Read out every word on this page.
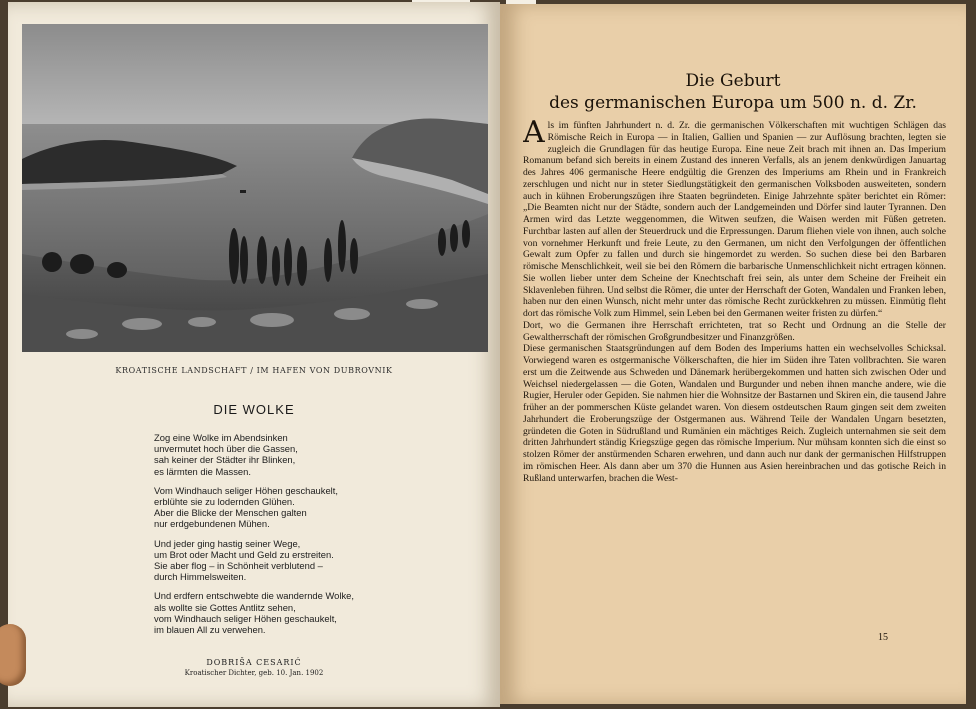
KROATISCHE LANDSCHAFT / IM HAFEN VON DUBROVNIK
DIE WOLKE
Zog eine Wolke im Abendsinken
unvermutet hoch über die Gassen,
sah keiner der Städter ihr Blinken,
es lärmten die Massen.
Vom Windhauch seliger Höhen geschaukelt,
erblühte sie zu lodernden Glühen.
Aber die Blicke der Menschen galten
nur erdgebundenen Mühen.
Und jeder ging hastig seiner Wege,
um Brot oder Macht und Geld zu erstreiten.
Sie aber flog – in Schönheit verblutend –
durch Himmelsweiten.
Und erdfern entschwebte die wandernde Wolke,
als wollte sie Gottes Antlitz sehen,
vom Windhauch seliger Höhen geschaukelt,
im blauen All zu verwehen.
DOBRIŠA CESARIĆ
Kroatischer Dichter, geb. 10. Jan. 1902
Die Geburt
des germanischen Europa um 500 n. d. Zr.

Als im fünften Jahrhundert n. d. Zr. die germanischen Völkerschaften mit wuchtigen Schlägen das Römische Reich in Europa — in Italien, Gallien und Spanien — zur Auflösung brachten, legten sie zugleich die Grundlagen für das heutige Europa. Eine neue Zeit brach mit ihnen an. Das Imperium Romanum befand sich bereits in einem Zustand des inneren Verfalls, als an jenem denkwürdigen Januartag des Jahres 406 germanische Heere endgültig die Grenzen des Imperiums am Rhein und in Frankreich zerschlugen und nicht nur in steter Siedlungstätigkeit den germanischen Volksboden ausweiteten, sondern auch in kühnen Eroberungszügen ihre Staaten begründeten. Einige Jahrzehnte später berichtet ein Römer: „Die Beamten nicht nur der Städte, sondern auch der Landgemeinden und Dörfer sind lauter Tyrannen. Den Armen wird das Letzte weggenommen, die Witwen seufzen, die Waisen werden mit Füßen getreten. Furchtbar lasten auf allen der Steuerdruck und die Erpressungen. Darum fliehen viele von ihnen, auch solche von vornehmer Herkunft und freie Leute, zu den Germanen, um nicht den Verfolgungen der öffentlichen Gewalt zum Opfer zu fallen und durch sie hingemordet zu werden. So suchen diese bei den Barbaren römische Menschlichkeit, weil sie bei den Römern die barbarische Unmenschlichkeit nicht ertragen können. Sie wollen lieber unter dem Scheine der Knechtschaft frei sein, als unter dem Scheine der Freiheit ein Sklavenleben führen. Und selbst die Römer, die unter der Herrschaft der Goten, Wandalen und Franken leben, haben nur den einen Wunsch, nicht mehr unter das römische Recht zurückkehren zu müssen. Einmütig fleht dort das römische Volk zum Himmel, sein Leben bei den Germanen weiter fristen zu dürfen.“

Dort, wo die Germanen ihre Herrschaft errichteten, trat so Recht und Ordnung an die Stelle der Gewaltherrschaft der römischen Großgrundbesitzer und Finanzgrößen.

Diese germanischen Staatsgründungen auf dem Boden des Imperiums hatten ein wechselvolles Schicksal. Vorwiegend waren es ostgermanische Völkerschaften, die hier im Süden ihre Taten vollbrachten. Sie waren erst um die Zeitwende aus Schweden und Dänemark herübergekommen und hatten sich zwischen Oder und Weichsel niedergelassen — die Goten, Wandalen und Burgunder und neben ihnen manche andere, wie die Rugier, Heruler oder Gepiden. Sie nahmen hier die Wohnsitze der Bastarnen und Skiren ein, die tausend Jahre früher an der pommerschen Küste gelandet waren. Von diesem ostdeutschen Raum gingen seit dem zweiten Jahrhundert die Eroberungszüge der Ostgermanen aus. Während Teile der Wandalen Ungarn besetzten, gründeten die Goten in Südrußland und Rumänien ein mächtiges Reich. Zugleich unternahmen sie seit dem dritten Jahrhundert ständig Kriegszüge gegen das römische Imperium. Nur mühsam konnten sich die einst so stolzen Römer der anstürmenden Scharen erwehren, und dann auch nur dank der germanischen Hilfstruppen im römischen Heer. Als dann aber um 370 die Hunnen aus Asien hereinbrachen und das gotische Reich in Rußland unterwarfen, brachen die West-

15
